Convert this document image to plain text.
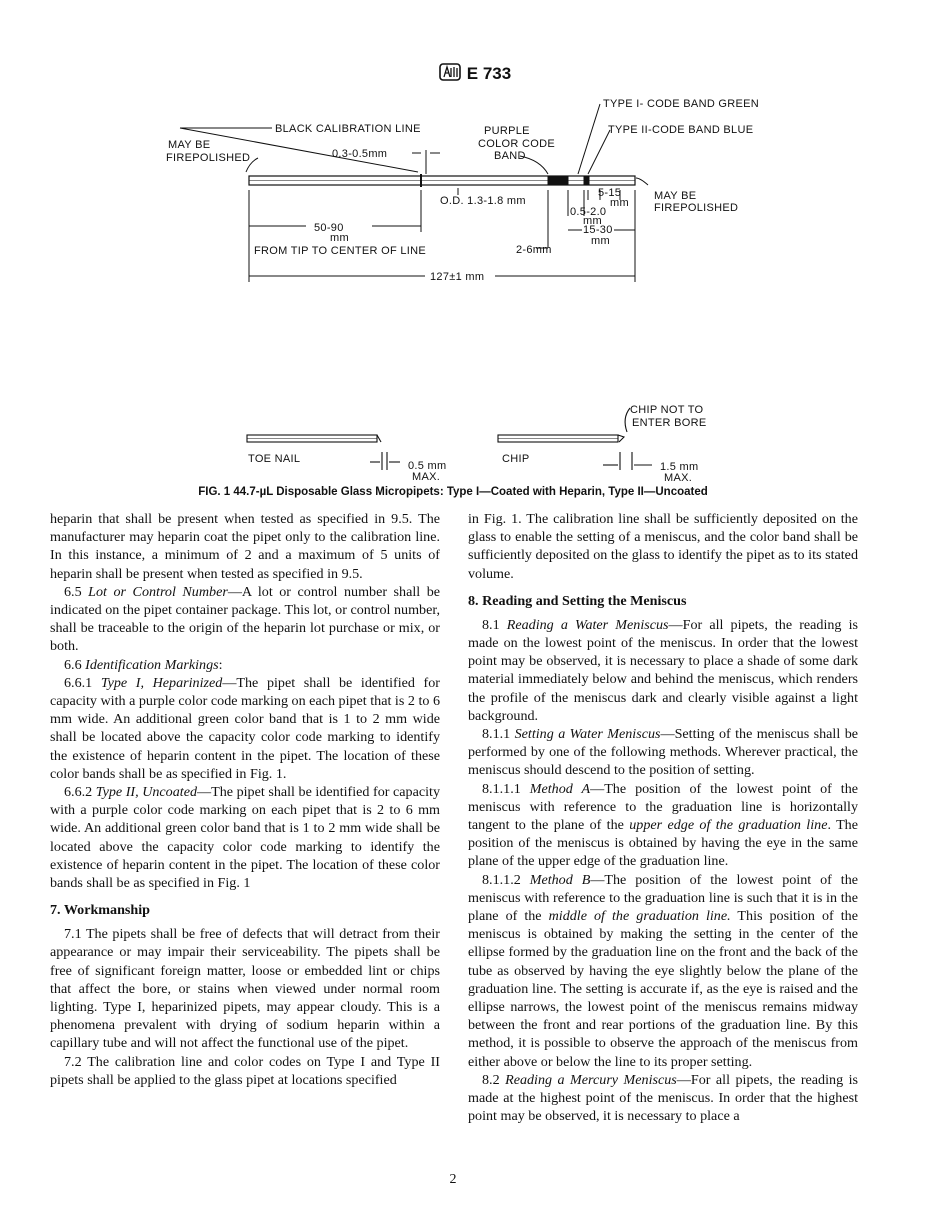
E 733
TYPE I- CODE BAND GREEN
TYPE II-CODE BAND BLUE
BLACK CALIBRATION LINE	PURPLE
COLOR CODE
BAND
MAY BE
FIREPOLISHED	0.3-0.5mm
O.D. 1.3-1.8 mm
5-15
mm
0.5-2.0
mm
15-30
mm
MAY BE
FIREPOLISHED
50-90
mm
FROM TIP TO CENTER OF LINE	2-6mm
127±1 mm
CHIP NOT TO
ENTER BORE
TOE NAIL
0.5 mm
MAX.
CHIP
1.5 mm
MAX.
FIG. 1 44.7-µL Disposable Glass Micropipets: Type I—Coated with Heparin, Type II—Uncoated

heparin that shall be present when tested as specified in 9.5. The manufacturer may heparin coat the pipet only to the calibration line. In this instance, a minimum of 2 and a maximum of 5 units of heparin shall be present when tested as specified in 9.5.

6.5 Lot or Control Number—A lot or control number shall be indicated on the pipet container package. This lot, or control number, shall be traceable to the origin of the heparin lot purchase or mix, or both.

6.6 Identification Markings:

6.6.1 Type I, Heparinized—The pipet shall be identified for capacity with a purple color code marking on each pipet that is 2 to 6 mm wide. An additional green color band that is 1 to 2 mm wide shall be located above the capacity color code marking to identify the existence of heparin content in the pipet. The location of these color bands shall be as specified in Fig. 1.

6.6.2 Type II, Uncoated—The pipet shall be identified for capacity with a purple color code marking on each pipet that is 2 to 6 mm wide. An additional green color band that is 1 to 2 mm wide shall be located above the capacity color code marking to identify the existence of heparin content in the pipet. The location of these color bands shall be as specified in Fig. 1

7. Workmanship

7.1 The pipets shall be free of defects that will detract from their appearance or may impair their serviceability. The pipets shall be free of significant foreign matter, loose or embedded lint or chips that affect the bore, or stains when viewed under normal room lighting. Type I, heparinized pipets, may appear cloudy. This is a phenomena prevalent with drying of sodium heparin within a capillary tube and will not affect the functional use of the pipet.

7.2 The calibration line and color codes on Type I and Type II pipets shall be applied to the glass pipet at locations specified

in Fig. 1. The calibration line shall be sufficiently deposited on the glass to enable the setting of a meniscus, and the color band shall be sufficiently deposited on the glass to identify the pipet as to its stated volume.

8. Reading and Setting the Meniscus

8.1 Reading a Water Meniscus—For all pipets, the reading is made on the lowest point of the meniscus. In order that the lowest point may be observed, it is necessary to place a shade of some dark material immediately below and behind the meniscus, which renders the profile of the meniscus dark and clearly visible against a light background.

8.1.1 Setting a Water Meniscus—Setting of the meniscus shall be performed by one of the following methods. Wherever practical, the meniscus should descend to the position of setting.

8.1.1.1 Method A—The position of the lowest point of the meniscus with reference to the graduation line is horizontally tangent to the plane of the upper edge of the graduation line. The position of the meniscus is obtained by having the eye in the same plane of the upper edge of the graduation line.

8.1.1.2 Method B—The position of the lowest point of the meniscus with reference to the graduation line is such that it is in the plane of the middle of the graduation line. This position of the meniscus is obtained by making the setting in the center of the ellipse formed by the graduation line on the front and the back of the tube as observed by having the eye slightly below the plane of the graduation line. The setting is accurate if, as the eye is raised and the ellipse narrows, the lowest point of the meniscus remains midway between the front and rear portions of the graduation line. By this method, it is possible to observe the approach of the meniscus from either above or below the line to its proper setting.

8.2 Reading a Mercury Meniscus—For all pipets, the reading is made at the highest point of the meniscus. In order that the highest point may be observed, it is necessary to place a

2
